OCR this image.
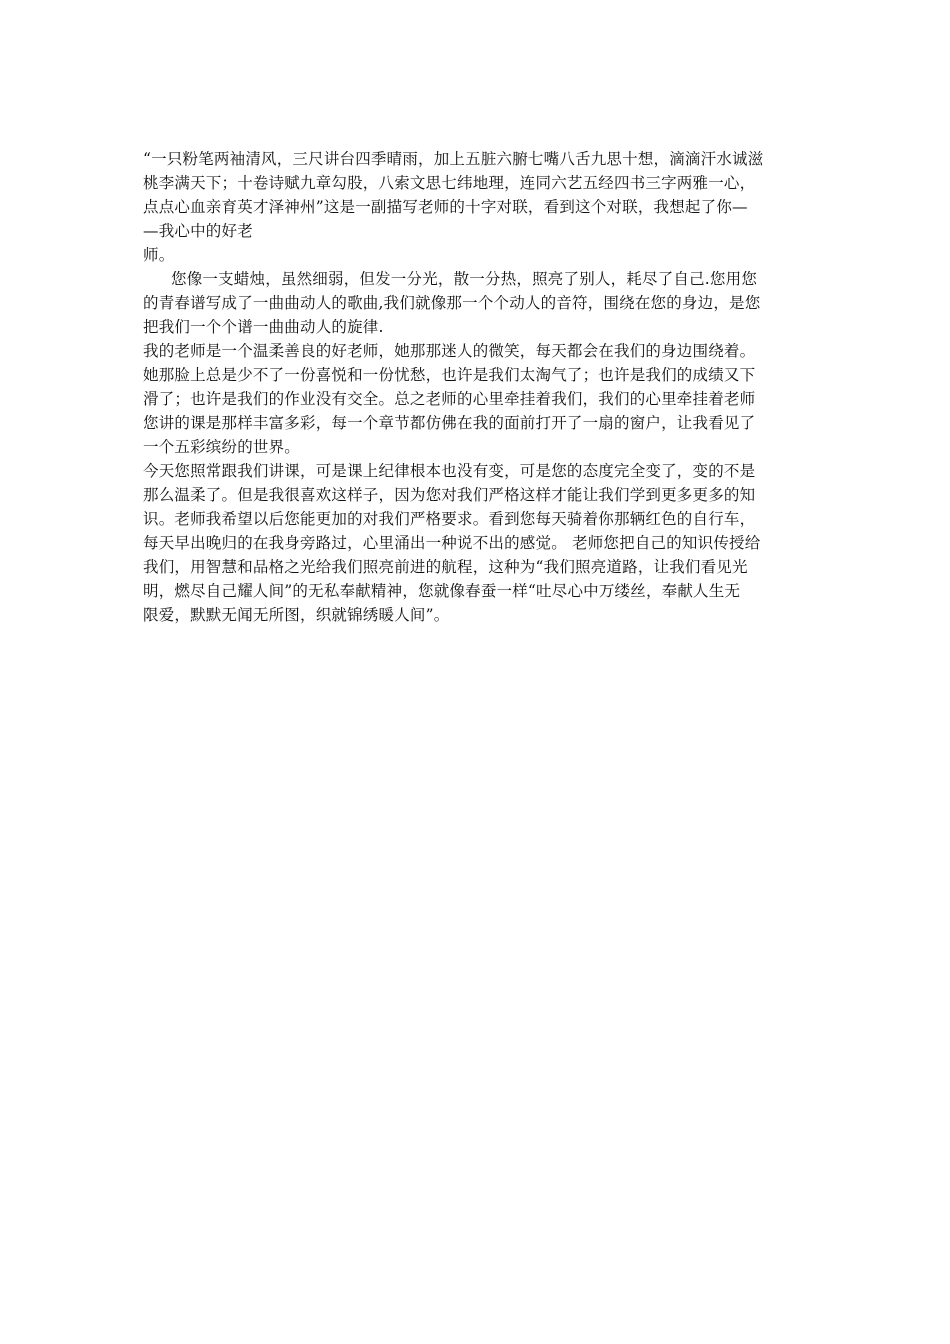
“一只粉笔两袖清风，三尺讲台四季晴雨，加上五脏六腑七嘴八舌九思十想，滴滴汗水诚滋
桃李满天下；十卷诗赋九章勾股，八索文思七纬地理，连同六艺五经四书三字两雅一心，
点点心血亲育英才泽神州”这是一副描写老师的十字对联，看到这个对联，我想起了你—
—我心中的好老
师。
您像一支蜡烛，虽然细弱，但发一分光，散一分热，照亮了别人，耗尽了自己.您用您
的青春谱写成了一曲曲动人的歌曲,我们就像那一个个动人的音符，围绕在您的身边，是您
把我们一个个谱一曲曲动人的旋律.
我的老师是一个温柔善良的好老师，她那那迷人的微笑，每天都会在我们的身边围绕着。
她那脸上总是少不了一份喜悦和一份忧愁，也许是我们太淘气了；也许是我们的成绩又下
滑了；也许是我们的作业没有交全。总之老师的心里牵挂着我们，我们的心里牵挂着老师
您讲的课是那样丰富多彩，每一个章节都仿佛在我的面前打开了一扇的窗户，让我看见了
一个五彩缤纷的世界。
今天您照常跟我们讲课，可是课上纪律根本也没有变，可是您的态度完全变了，变的不是
那么温柔了。但是我很喜欢这样子，因为您对我们严格这样才能让我们学到更多更多的知
识。老师我希望以后您能更加的对我们严格要求。看到您每天骑着你那辆红色的自行车，
每天早出晚归的在我身旁路过，心里涌出一种说不出的感觉。 老师您把自己的知识传授给
我们，用智慧和品格之光给我们照亮前进的航程，这种为“我们照亮道路，让我们看见光
明，燃尽自己耀人间”的无私奉献精神，您就像春蚕一样“吐尽心中万缕丝，奉献人生无
限爱，默默无闻无所图，织就锦绣暖人间”。
